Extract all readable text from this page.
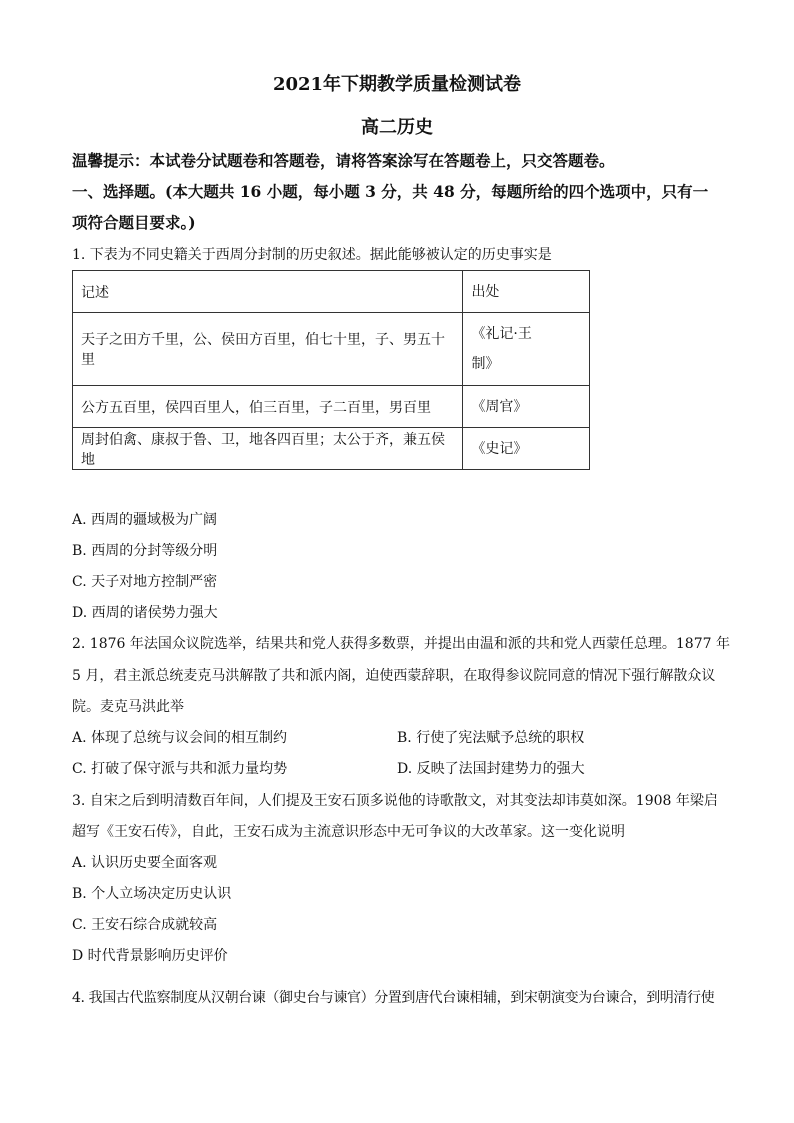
2021年下期教学质量检测试卷
高二历史
温馨提示：本试卷分试题卷和答题卷，请将答案涂写在答题卷上，只交答题卷。
一、选择题。(本大题共 16 小题，每小题 3 分，共 48 分，每题所给的四个选项中，只有一
项符合题目要求。)
1. 下表为不同史籍关于西周分封制的历史叙述。据此能够被认定的历史事实是
记述	出处
天子之田方千里，公、侯田方百里，伯七十里，子、男五十里	《礼记·王
制》

公方五百里，侯四百里人，伯三百里，子二百里，男百里	《周官》
周封伯禽、康叔于鲁、卫，地各四百里；太公于齐，兼五侯地	《史记》
A. 西周的疆域极为广阔
B. 西周的分封等级分明
C. 天子对地方控制严密
D. 西周的诸侯势力强大
2. 1876 年法国众议院选举，结果共和党人获得多数票，并提出由温和派的共和党人西蒙任总理。1877 年
5 月，君主派总统麦克马洪解散了共和派内阁，迫使西蒙辞职，在取得参议院同意的情况下强行解散众议
院。麦克马洪此举
A. 体现了总统与议会间的相互制约	B. 行使了宪法赋予总统的职权
C. 打破了保守派与共和派力量均势	D. 反映了法国封建势力的强大
3. 自宋之后到明清数百年间，人们提及王安石顶多说他的诗歌散文，对其变法却讳莫如深。1908 年梁启
超写《王安石传》，自此，王安石成为主流意识形态中无可争议的大改革家。这一变化说明
A. 认识历史要全面客观
B. 个人立场决定历史认识
C. 王安石综合成就较高
D 时代背景影响历史评价
4. 我国古代监察制度从汉朝台谏（御史台与谏官）分置到唐代台谏相辅，到宋朝演变为台谏合，到明清行使
